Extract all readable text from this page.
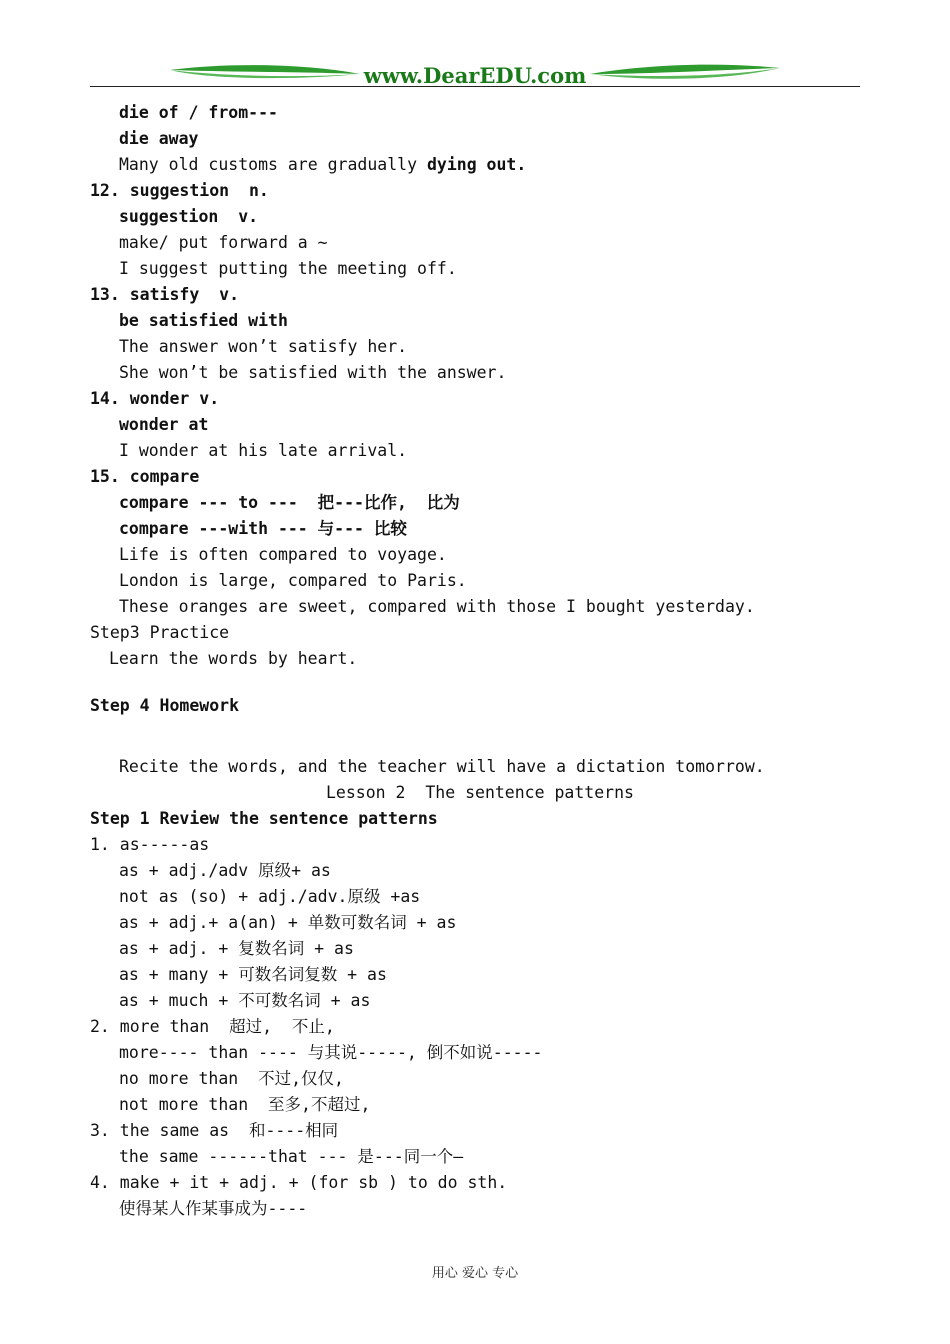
www.DearEDU.com
die of / from---
die away
Many old customs are gradually dying out.
12. suggestion  n.
suggestion  v.
make/ put forward a ~
I suggest putting the meeting off.
13. satisfy  v.
be satisfied with
The answer won’t satisfy her.
She won’t be satisfied with the answer.
14. wonder v.
wonder at
I wonder at his late arrival.
15. compare
compare --- to ---  把---比作,  比为
compare ---with --- 与--- 比较
Life is often compared to voyage.
London is large, compared to Paris.
These oranges are sweet, compared with those I bought yesterday.
Step3 Practice
Learn the words by heart.
Step 4 Homework
Recite the words, and the teacher will have a dictation tomorrow.
Lesson 2  The sentence patterns
Step 1 Review the sentence patterns
1. as-----as
as + adj./adv 原级+ as
not as (so) + adj./adv.原级 +as
as + adj.+ a(an) + 单数可数名词 + as
as + adj. + 复数名词 + as
as + many + 可数名词复数 + as
as + much + 不可数名词 + as
2. more than  超过,  不止,
more---- than ---- 与其说-----, 倒不如说-----
no more than  不过,仅仅,
not more than  至多,不超过,
3. the same as  和----相同
the same ------that --- 是---同一个—
4. make + it + adj. + (for sb ) to do sth.
使得某人作某事成为----
用心 爱心 专心
